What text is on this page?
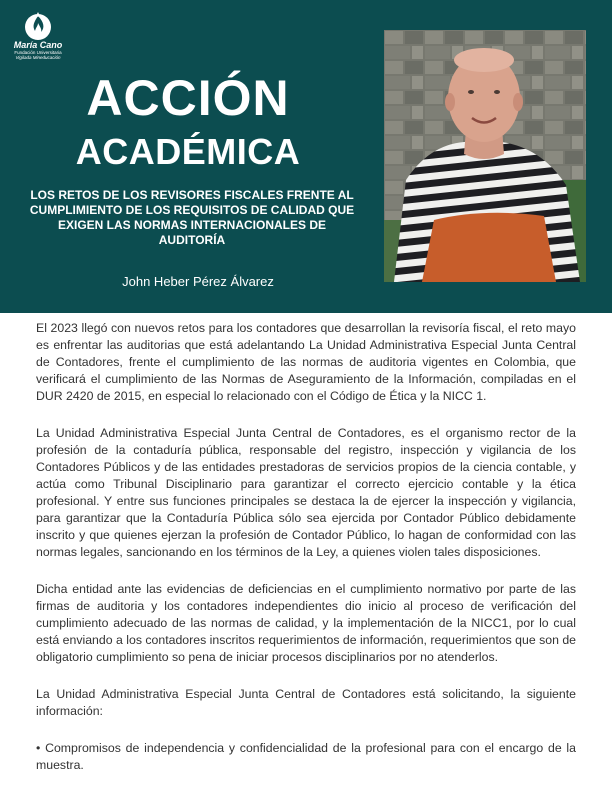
María Cano
Fundación Universitaria
Vigilada Mineducación
ACCIÓN
ACADÉMICA
LOS RETOS DE LOS REVISORES FISCALES FRENTE AL CUMPLIMIENTO DE LOS REQUISITOS DE CALIDAD QUE EXIGEN LAS NORMAS INTERNACIONALES DE AUDITORÍA
John Heber Pérez Álvarez

El 2023 llegó con nuevos retos para los contadores que desarrollan la revisoría fiscal, el reto mayo es enfrentar las auditorias que está adelantando La Unidad Administrativa Especial Junta Central de Contadores, frente el cumplimiento de las normas de auditoria vigentes en Colombia, que verificará el cumplimiento de las Normas de Aseguramiento de la Información, compiladas en el DUR 2420 de 2015, en especial lo relacionado con el Código de Ética y la NICC 1.

La Unidad Administrativa Especial Junta Central de Contadores, es el organismo rector de la profesión de la contaduría pública, responsable del registro, inspección y vigilancia de los Contadores Públicos y de las entidades prestadoras de servicios propios de la ciencia contable, y actúa como Tribunal Disciplinario para garantizar el correcto ejercicio contable y la ética profesional. Y entre sus funciones principales se destaca la de ejercer la inspección y vigilancia, para garantizar que la Contaduría Pública sólo sea ejercida por Contador Público debidamente inscrito y que quienes ejerzan la profesión de Contador Público, lo hagan de conformidad con las normas legales, sancionando en los términos de la Ley, a quienes violen tales disposiciones.

Dicha entidad ante las evidencias de deficiencias en el cumplimiento normativo por parte de las firmas de auditoria y los contadores independientes dio inicio al proceso de verificación del cumplimiento adecuado de las normas de calidad, y la implementación de la NICC1, por lo cual está enviando a los contadores inscritos requerimientos de información, requerimientos que son de obligatorio cumplimiento so pena de iniciar procesos disciplinarios por no atenderlos.

La Unidad Administrativa Especial Junta Central de Contadores está solicitando, la siguiente información:

• Compromisos de independencia y confidencialidad de la profesional para con el encargo de la muestra.
